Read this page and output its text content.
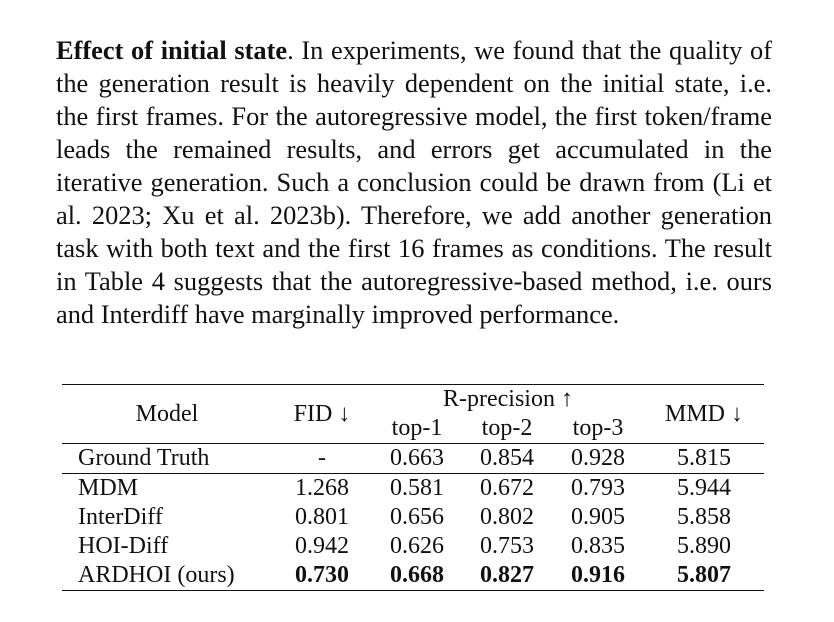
Effect of initial state. In experiments, we found that the quality of the generation result is heavily dependent on the initial state, i.e. the first frames. For the autoregressive model, the first token/frame leads the remained results, and errors get accumulated in the iterative generation. Such a conclusion could be drawn from (Li et al. 2023; Xu et al. 2023b). Therefore, we add another generation task with both text and the first 16 frames as conditions. The result in Table 4 suggests that the autoregressive-based method, i.e. ours and Interdiff have marginally improved performance.

Model	FID ↓	R-precision ↑			MMD ↓
		top-1	top-2	top-3	
Ground Truth	-	0.663	0.854	0.928	5.815
MDM	1.268	0.581	0.672	0.793	5.944
InterDiff	0.801	0.656	0.802	0.905	5.858
HOI-Diff	0.942	0.626	0.753	0.835	5.890
ARDHOI (ours)	0.730	0.668	0.827	0.916	5.807
